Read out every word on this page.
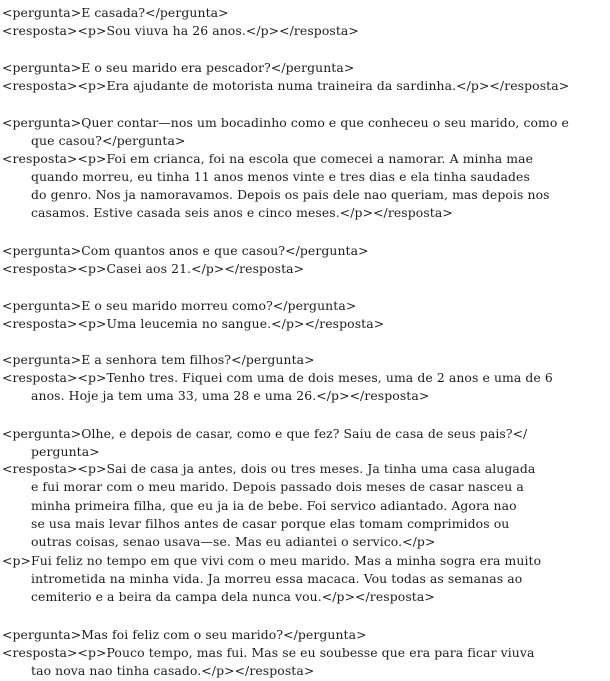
<pergunta>E casada?</pergunta>
<resposta><p>Sou viuva ha 26 anos.</p></resposta>
<pergunta>E o seu marido era pescador?</pergunta>
<resposta><p>Era ajudante de motorista numa traineira da sardinha.</p></resposta>
<pergunta>Quer contar—nos um bocadinho como e que conheceu o seu marido, como e
que casou?</pergunta>
<resposta><p>Foi em crianca, foi na escola que comecei a namorar. A minha mae
quando morreu, eu tinha 11 anos menos vinte e tres dias e ela tinha saudades
do genro. Nos ja namoravamos. Depois os pais dele nao queriam, mas depois nos
casamos. Estive casada seis anos e cinco meses.</p></resposta>
<pergunta>Com quantos anos e que casou?</pergunta>
<resposta><p>Casei aos 21.</p></resposta>
<pergunta>E o seu marido morreu como?</pergunta>
<resposta><p>Uma leucemia no sangue.</p></resposta>
<pergunta>E a senhora tem filhos?</pergunta>
<resposta><p>Tenho tres. Fiquei com uma de dois meses, uma de 2 anos e uma de 6
anos. Hoje ja tem uma 33, uma 28 e uma 26.</p></resposta>
<pergunta>Olhe, e depois de casar, como e que fez? Saiu de casa de seus pais?</
pergunta>
<resposta><p>Sai de casa ja antes, dois ou tres meses. Ja tinha uma casa alugada
e fui morar com o meu marido. Depois passado dois meses de casar nasceu a
minha primeira filha, que eu ja ia de bebe. Foi servico adiantado. Agora nao
se usa mais levar filhos antes de casar porque elas tomam comprimidos ou
outras coisas, senao usava—se. Mas eu adiantei o servico.</p>
<p>Fui feliz no tempo em que vivi com o meu marido. Mas a minha sogra era muito
intrometida na minha vida. Ja morreu essa macaca. Vou todas as semanas ao
cemiterio e a beira da campa dela nunca vou.</p></resposta>
<pergunta>Mas foi feliz com o seu marido?</pergunta>
<resposta><p>Pouco tempo, mas fui. Mas se eu soubesse que era para ficar viuva
tao nova nao tinha casado.</p></resposta>
